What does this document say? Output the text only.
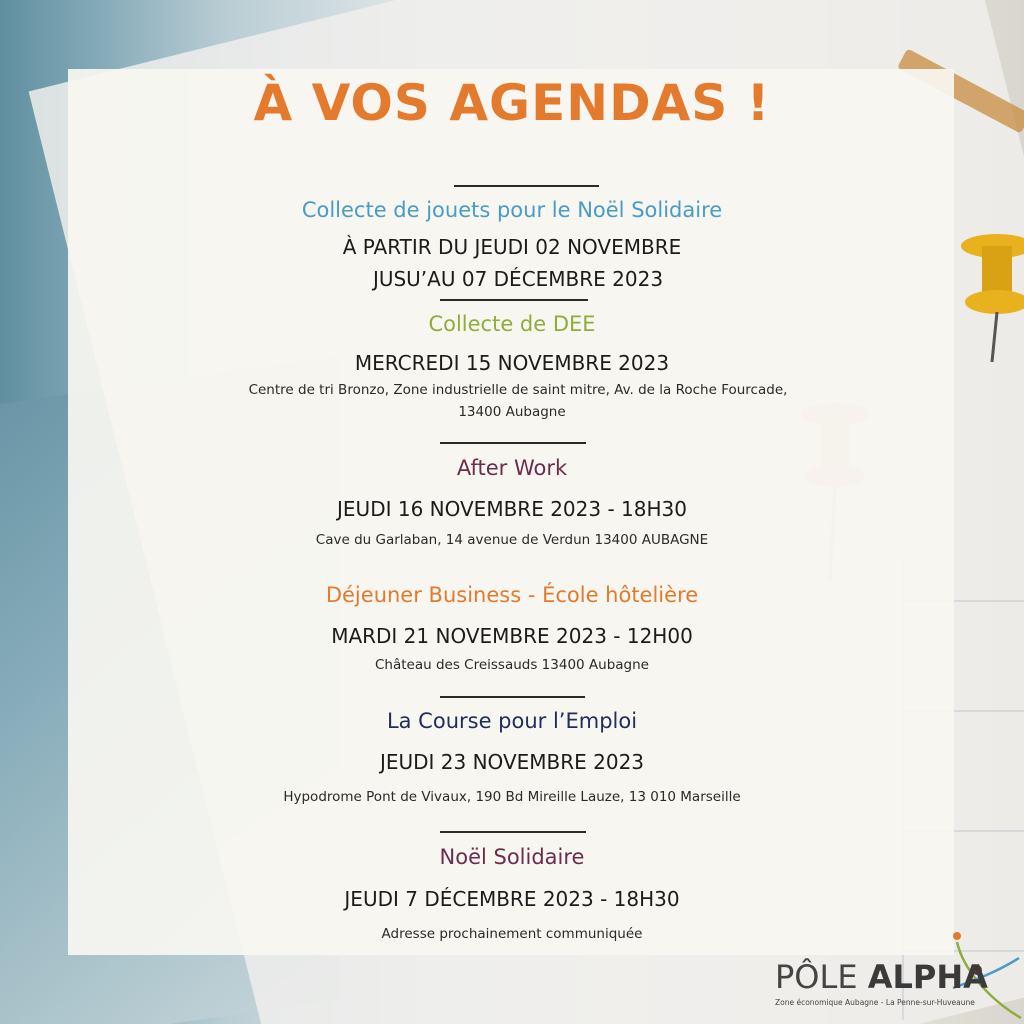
À VOS AGENDAS !

Collecte de jouets pour le Noël Solidaire

À PARTIR DU JEUDI 02 NOVEMBRE

JUSU’AU 07 DÉCEMBRE 2023

Collecte de DEE

MERCREDI 15 NOVEMBRE 2023

Centre de tri Bronzo, Zone industrielle de saint mitre, Av. de la Roche Fourcade,

13400 Aubagne

After Work

JEUDI 16 NOVEMBRE 2023 - 18H30

Cave du Garlaban, 14 avenue de Verdun 13400 AUBAGNE

Déjeuner Business - École hôtelière

MARDI 21 NOVEMBRE 2023 - 12H00

Château des Creissauds 13400 Aubagne

La Course pour l’Emploi

JEUDI 23 NOVEMBRE 2023

Hypodrome Pont de Vivaux, 190 Bd Mireille Lauze, 13 010 Marseille

Noël Solidaire

JEUDI 7 DÉCEMBRE 2023 - 18H30

Adresse prochainement communiquée

PÔLE ALPHA
Zone économique Aubagne - La Penne-sur-Huveaune
